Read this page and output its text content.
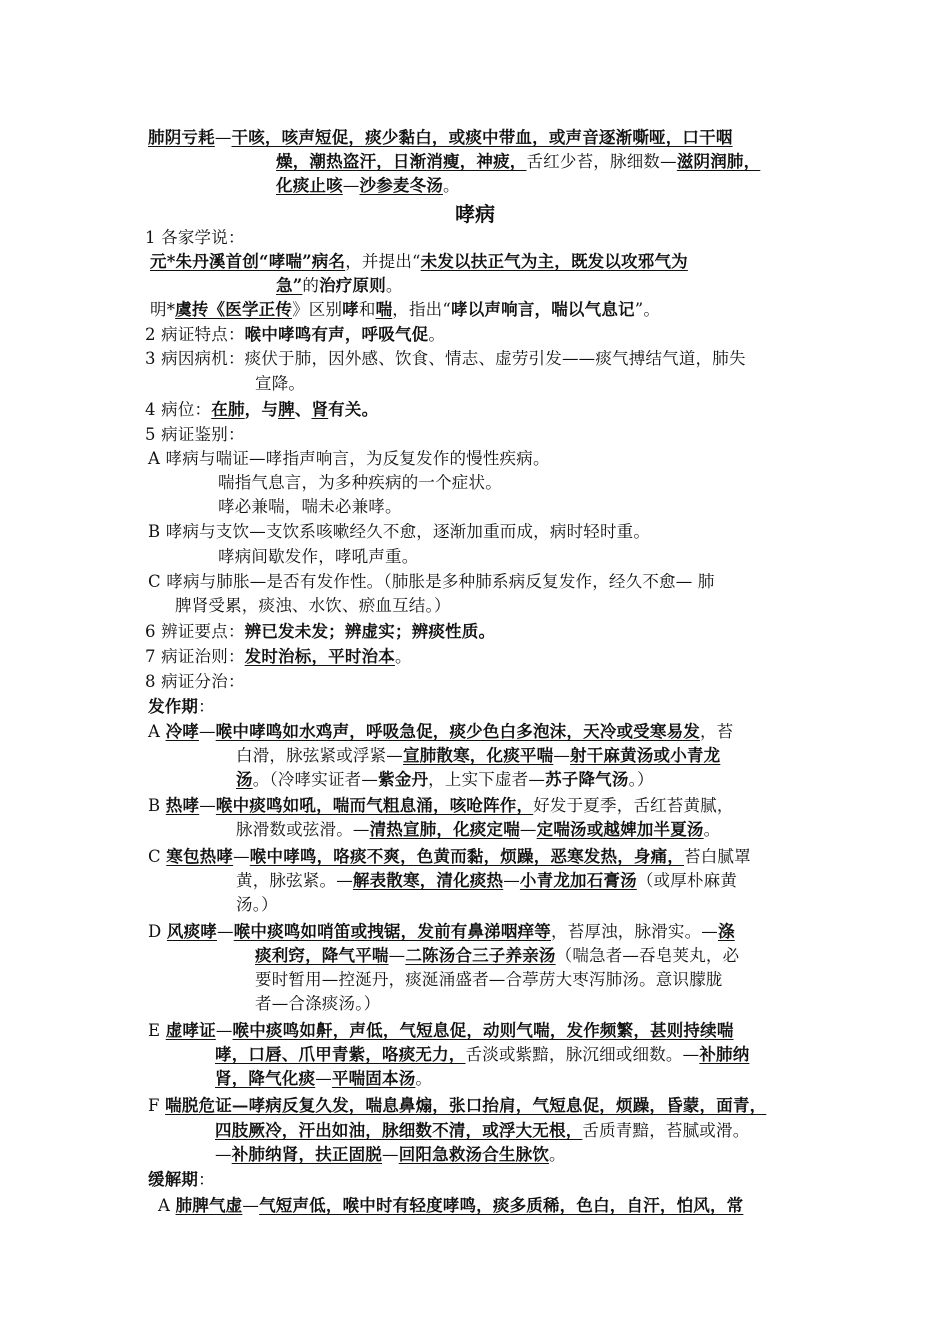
哮病
肺阴亏耗—干咳，咳声短促，痰少黏白，或痰中带血，或声音逐渐嘶哑，口干咽
燥，潮热盗汗，日渐消瘦，神疲，舌红少苔，脉细数—滋阴润肺，
化痰止咳—沙参麦冬汤。
1 各家学说：
元*朱丹溪首创“哮喘”病名，并提出“未发以扶正气为主，既发以攻邪气为
急”的治疗原则。
明*虞抟《医学正传》区别哮和喘，指出“哮以声响言，喘以气息记”。
2 病证特点：喉中哮鸣有声，呼吸气促。
3 病因病机：痰伏于肺，因外感、饮食、情志、虚劳引发——痰气搏结气道，肺失
宣降。
4 病位：在肺，与脾、肾有关。
5 病证鉴别：
A 哮病与喘证—哮指声响言，为反复发作的慢性疾病。
喘指气息言，为多种疾病的一个症状。
哮必兼喘，喘未必兼哮。
B 哮病与支饮—支饮系咳嗽经久不愈，逐渐加重而成，病时轻时重。
哮病间歇发作，哮吼声重。
C 哮病与肺胀—是否有发作性。（肺胀是多种肺系病反复发作，经久不愈— 肺
脾肾受累，痰浊、水饮、瘀血互结。）
6 辨证要点：辨已发未发；辨虚实；辨痰性质。
7 病证治则：发时治标，平时治本。
8 病证分治：
发作期：
A 冷哮—喉中哮鸣如水鸡声，呼吸急促，痰少色白多泡沫，天冷或受寒易发，苔
白滑，脉弦紧或浮紧—宣肺散寒，化痰平喘—射干麻黄汤或小青龙
汤。（冷哮实证者—紫金丹，上实下虚者—苏子降气汤。）
B 热哮—喉中痰鸣如吼，喘而气粗息涌，咳呛阵作，好发于夏季，舌红苔黄腻，
脉滑数或弦滑。—清热宣肺，化痰定喘—定喘汤或越婢加半夏汤。
C 寒包热哮—喉中哮鸣，咯痰不爽，色黄而黏，烦躁，恶寒发热，身痛，苔白腻罩
黄，脉弦紧。—解表散寒，清化痰热—小青龙加石膏汤（或厚朴麻黄
汤。）
D 风痰哮—喉中痰鸣如哨笛或拽锯，发前有鼻涕咽痒等，苔厚浊，脉滑实。—涤
痰利窍，降气平喘—二陈汤合三子养亲汤（喘急者—吞皂荚丸，必
要时暂用—控涎丹，痰涎涌盛者—合葶苈大枣泻肺汤。意识朦胧
者—合涤痰汤。）
E 虚哮证—喉中痰鸣如鼾，声低，气短息促，动则气喘，发作频繁，甚则持续喘
哮，口唇、爪甲青紫，咯痰无力，舌淡或紫黯，脉沉细或细数。—补肺纳
肾，降气化痰—平喘固本汤。
F 喘脱危证—哮病反复久发，喘息鼻煽，张口抬肩，气短息促，烦躁，昏蒙，面青，
四肢厥冷，汗出如油，脉细数不清，或浮大无根，舌质青黯，苔腻或滑。
—补肺纳肾，扶正固脱—回阳急救汤合生脉饮。
缓解期：
A 肺脾气虚—气短声低，喉中时有轻度哮鸣，痰多质稀，色白，自汗，怕风，常
